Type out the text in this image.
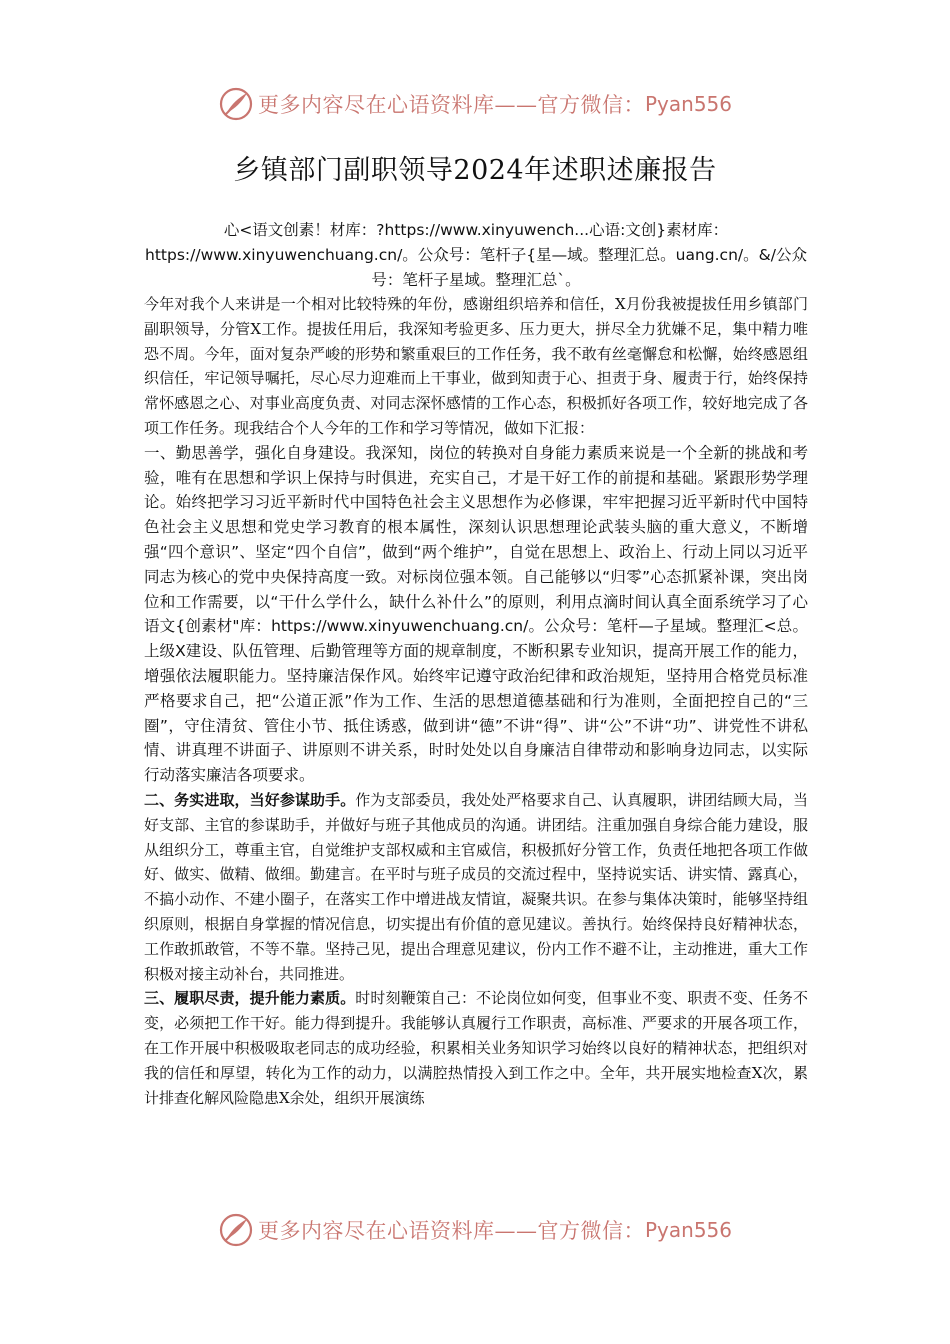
更多内容尽在心语资料库——官方微信： Pyan556
乡镇部门副职领导2024年述职述廉报告
心<语文创素！材库：?https://www.xinyuwench...心语:文创}素材库：https://www.xinyuwenchuang.cn/。公众号：笔杆子{星—域。整理汇总。uang.cn/。&/公众号：笔杆子星域。整理汇总`。

今年对我个人来讲是一个相对比较特殊的年份，感谢组织培养和信任，X月份我被提拔任用乡镇部门副职领导，分管X工作。提拔任用后，我深知考验更多、压力更大，拼尽全力犹嫌不足，集中精力唯恐不周。今年，面对复杂严峻的形势和繁重艰巨的工作任务，我不敢有丝毫懈怠和松懈，始终感恩组织信任，牢记领导嘱托，尽心尽力迎难而上干事业，做到知责于心、担责于身、履责于行，始终保持常怀感恩之心、对事业高度负责、对同志深怀感情的工作心态，积极抓好各项工作，较好地完成了各项工作任务。现我结合个人今年的工作和学习等情况，做如下汇报：

一、勤思善学，强化自身建设。我深知，岗位的转换对自身能力素质来说是一个全新的挑战和考验，唯有在思想和学识上保持与时俱进，充实自己，才是干好工作的前提和基础。紧跟形势学理论。始终把学习习近平新时代中国特色社会主义思想作为必修课，牢牢把握习近平新时代中国特色社会主义思想和党史学习教育的根本属性，深刻认识思想理论武装头脑的重大意义，不断增强“四个意识”、坚定“四个自信”，做到“两个维护”，自觉在思想上、政治上、行动上同以习近平同志为核心的党中央保持高度一致。对标岗位强本领。自己能够以“归零”心态抓紧补课，突出岗位和工作需要，以“干什么学什么，缺什么补什么”的原则，利用点滴时间认真全面系统学习了心语文{创素材"库：https://www.xinyuwenchuang.cn/。公众号：笔杆—子星域。整理汇<总。上级X建设、队伍管理、后勤管理等方面的规章制度，不断积累专业知识，提高开展工作的能力，增强依法履职能力。坚持廉洁保作风。始终牢记遵守政治纪律和政治规矩，坚持用合格党员标准严格要求自己，把“公道正派”作为工作、生活的思想道德基础和行为准则，全面把控自己的“三圈”，守住清贫、管住小节、抵住诱惑，做到讲“德”不讲“得”、讲“公”不讲“功”、讲党性不讲私情、讲真理不讲面子、讲原则不讲关系，时时处处以自身廉洁自律带动和影响身边同志，以实际行动落实廉洁各项要求。

二、务实进取，当好参谋助手。作为支部委员，我处处严格要求自己、认真履职，讲团结顾大局，当好支部、主官的参谋助手，并做好与班子其他成员的沟通。讲团结。注重加强自身综合能力建设，服从组织分工，尊重主官，自觉维护支部权威和主官威信，积极抓好分管工作，负责任地把各项工作做好、做实、做精、做细。勤建言。在平时与班子成员的交流过程中，坚持说实话、讲实情、露真心，不搞小动作、不建小圈子，在落实工作中增进战友情谊，凝聚共识。在参与集体决策时，能够坚持组织原则，根据自身掌握的情况信息，切实提出有价值的意见建议。善执行。始终保持良好精神状态，工作敢抓敢管，不等不靠。坚持己见，提出合理意见建议，份内工作不避不让，主动推进，重大工作积极对接主动补台，共同推进。

三、履职尽责，提升能力素质。时时刻鞭策自己：不论岗位如何变，但事业不变、职责不变、任务不变，必须把工作干好。能力得到提升。我能够认真履行工作职责，高标准、严要求的开展各项工作，在工作开展中积极吸取老同志的成功经验，积累相关业务知识学习始终以良好的精神状态，把组织对我的信任和厚望，转化为工作的动力，以满腔热情投入到工作之中。全年，共开展实地检查X次，累计排查化解风险隐患X余处，组织开展演练

更多内容尽在心语资料库——官方微信： Pyan556
